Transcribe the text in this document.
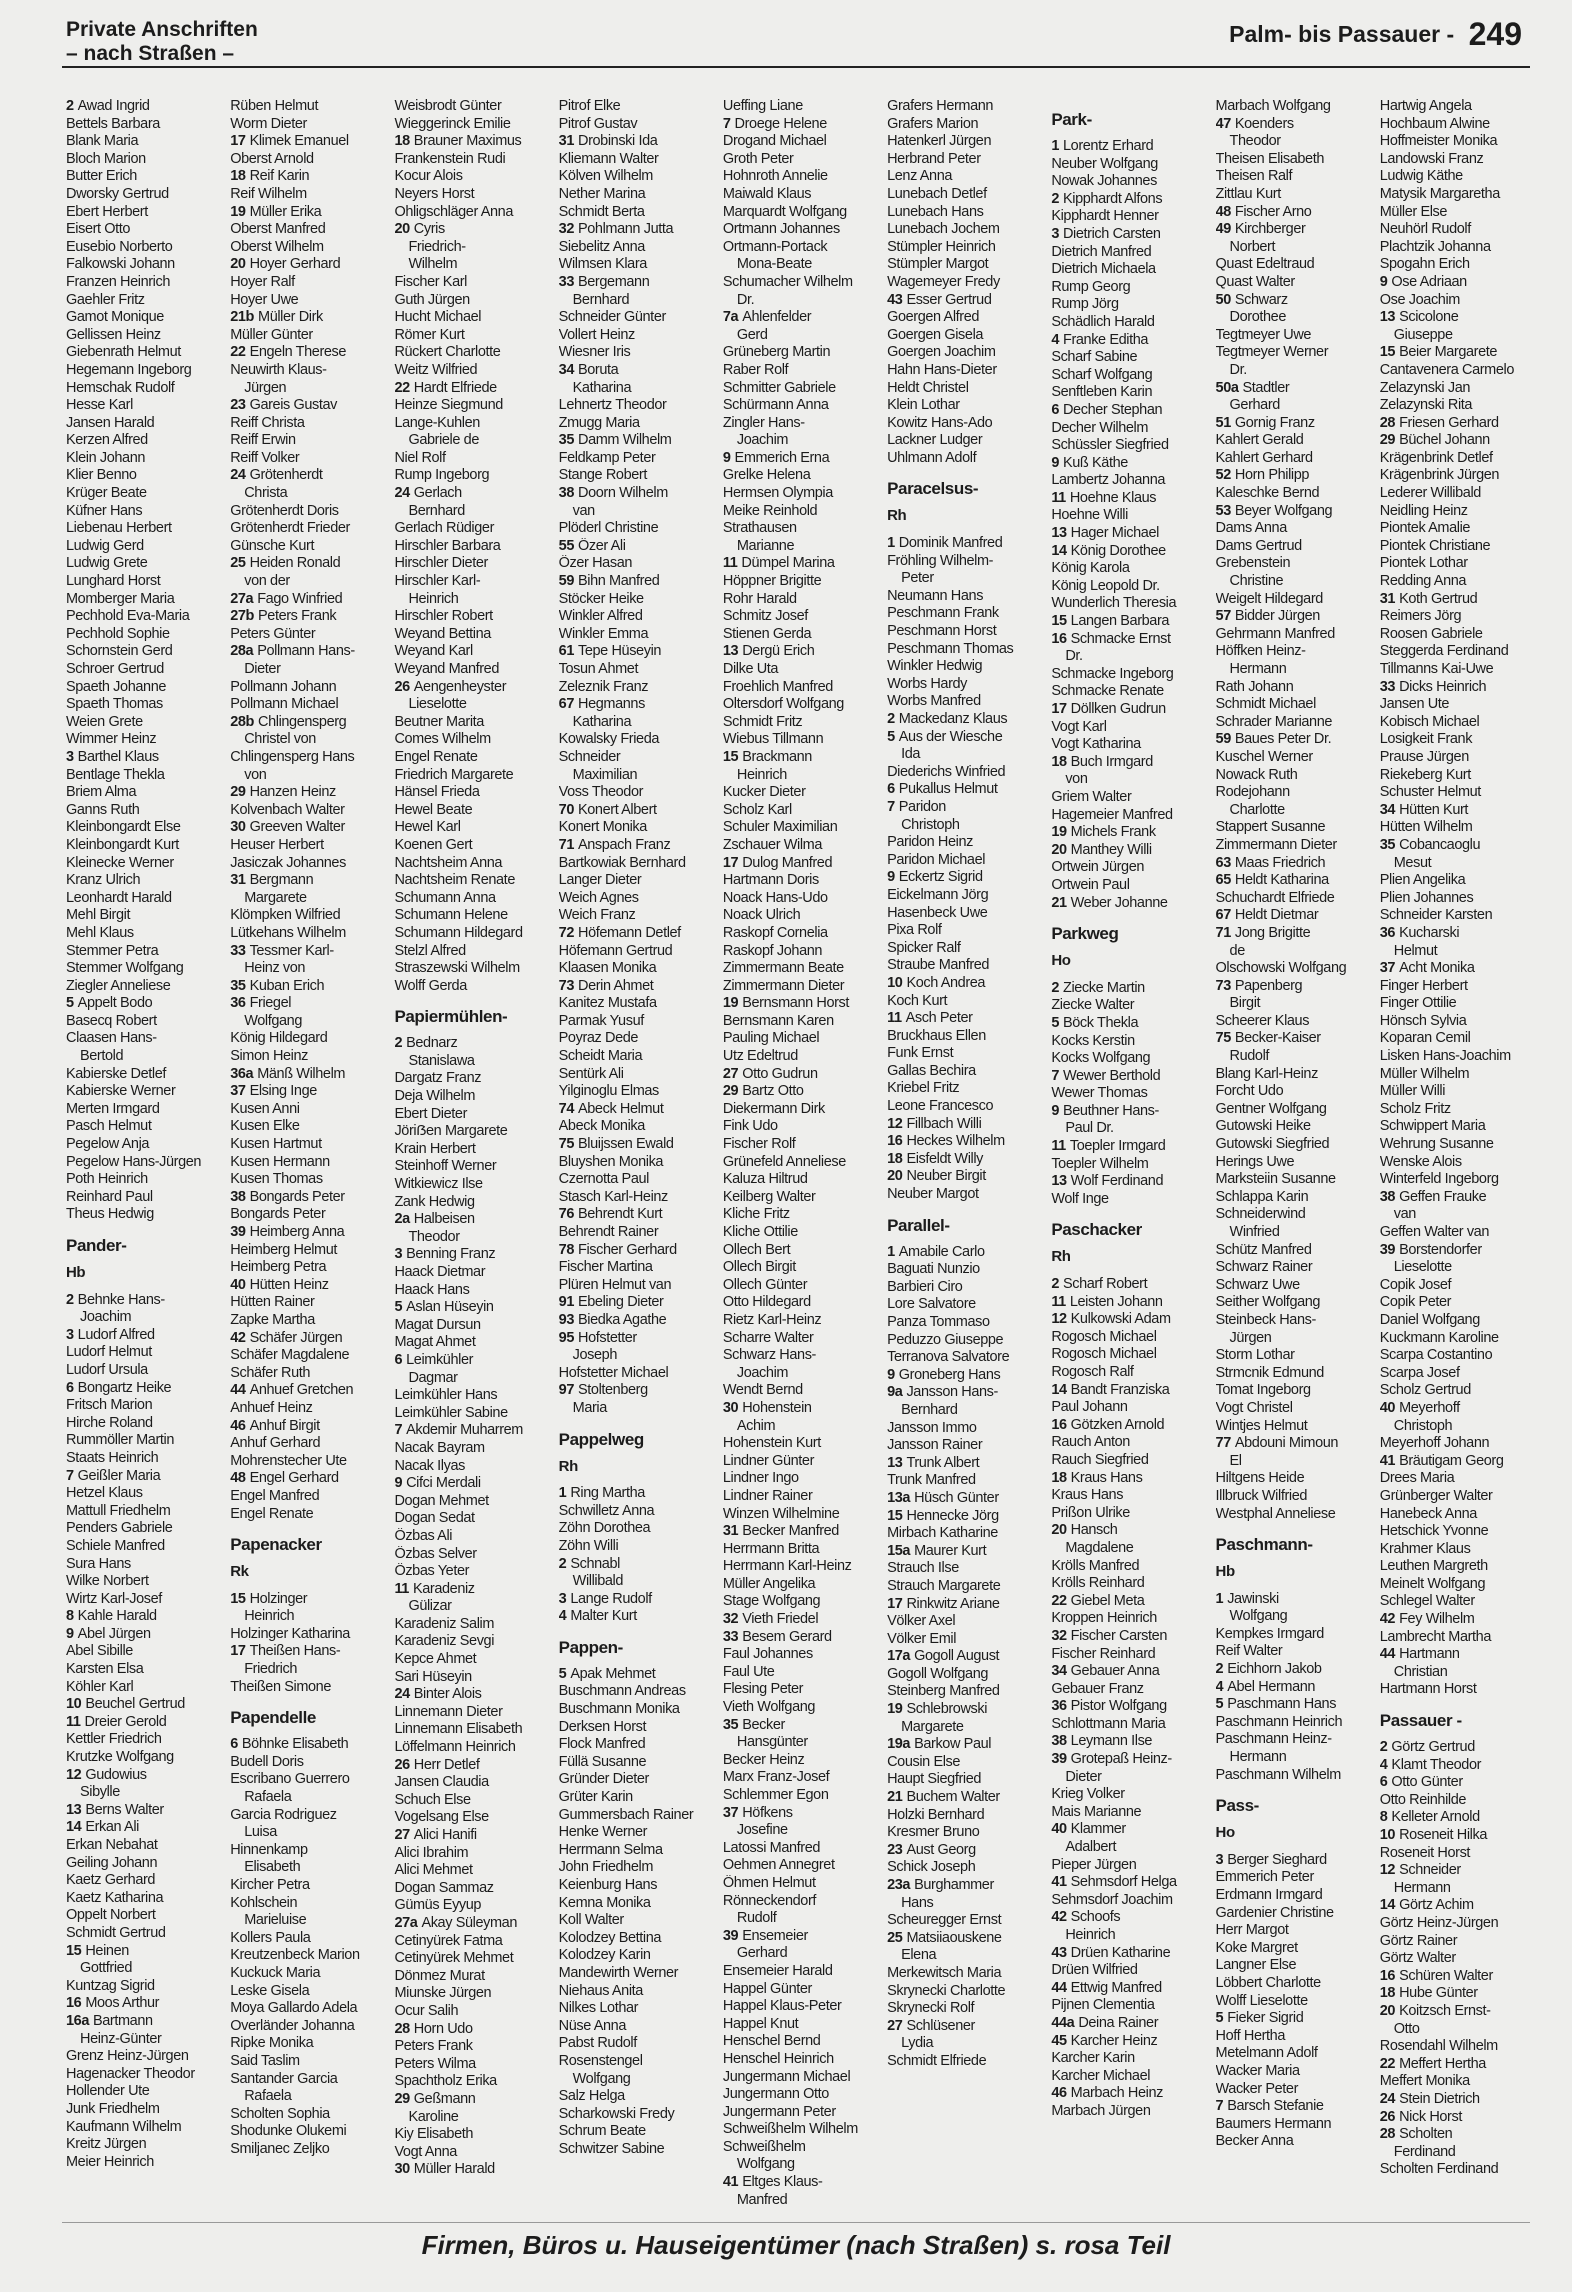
Private Anschriften
– nach Straßen –
Palm- bis Passauer - 249
2 Awad Ingrid
Bettels Barbara
Blank Maria
Bloch Marion
Butter Erich
Dworsky Gertrud
Ebert Herbert
Eisert Otto
Eusebio Norberto
Falkowski Johann
Franzen Heinrich
Gaehler Fritz
Gamot Monique
Gellissen Heinz
Giebenrath Helmut
Hegemann Ingeborg
Hemschak Rudolf
Hesse Karl
Jansen Harald
Kerzen Alfred
Klein Johann
Klier Benno
Krüger Beate
Küfner Hans
Liebenau Herbert
Ludwig Gerd
Ludwig Grete
Lunghard Horst
Momberger Maria
Pechhold Eva-Maria
Pechhold Sophie
Schornstein Gerd
Schroer Gertrud
Spaeth Johanne
Spaeth Thomas
Weien Grete
Wimmer Heinz
3 Barthel Klaus
Bentlage Thekla
Briem Alma
Ganns Ruth
Kleinbongardt Else
Kleinbongardt Kurt
Kleinecke Werner
Kranz Ulrich
Leonhardt Harald
Mehl Birgit
Mehl Klaus
Stemmer Petra
Stemmer Wolfgang
Ziegler Anneliese
5 Appelt Bodo
Basecq Robert
Claasen Hans-
Bertold
Kabierske Detlef
Kabierske Werner
Merten Irmgard
Pasch Helmut
Pegelow Anja
Pegelow Hans-Jürgen
Poth Heinrich
Reinhard Paul
Theus Hedwig
Pander-
Hb
2 Behnke Hans-
Joachim
3 Ludorf Alfred
Ludorf Helmut
Ludorf Ursula
6 Bongartz Heike
Fritsch Marion
Hirche Roland
Rummöller Martin
Staats Heinrich
7 Geißler Maria
Hetzel Klaus
Mattull Friedhelm
Penders Gabriele
Schiele Manfred
Sura Hans
Wilke Norbert
Wirtz Karl-Josef
8 Kahle Harald
9 Abel Jürgen
Abel Sibille
Karsten Elsa
Köhler Karl
10 Beuchel Gertrud
11 Dreier Gerold
Kettler Friedrich
Krutzke Wolfgang
12 Gudowius
Sibylle
13 Berns Walter
14 Erkan Ali
Erkan Nebahat
Geiling Johann
Kaetz Gerhard
Kaetz Katharina
Oppelt Norbert
Schmidt Gertrud
15 Heinen
Gottfried
Kuntzag Sigrid
16 Moos Arthur
16a Bartmann
Heinz-Günter
Grenz Heinz-Jürgen
Hagenacker Theodor
Hollender Ute
Junk Friedhelm
Kaufmann Wilhelm
Kreitz Jürgen
Meier Heinrich
Rüben Helmut
Worm Dieter
17 Klimek Emanuel
Oberst Arnold
18 Reif Karin
Reif Wilhelm
19 Müller Erika
Oberst Manfred
Oberst Wilhelm
20 Hoyer Gerhard
Hoyer Ralf
Hoyer Uwe
21b Müller Dirk
Müller Günter
22 Engeln Therese
Neuwirth Klaus-
Jürgen
23 Gareis Gustav
Reiff Christa
Reiff Erwin
Reiff Volker
24 Grötenherdt
Christa
Grötenherdt Doris
Grötenherdt Frieder
Günsche Kurt
25 Heiden Ronald
von der
27a Fago Winfried
27b Peters Frank
Peters Günter
28a Pollmann Hans-
Dieter
Pollmann Johann
Pollmann Michael
28b Chlingensperg
Christel von
Chlingensperg Hans
von
29 Hanzen Heinz
Kolvenbach Walter
30 Greeven Walter
Heuser Herbert
Jasiczak Johannes
31 Bergmann
Margarete
Klömpken Wilfried
Lütkehans Wilhelm
33 Tessmer Karl-
Heinz von
35 Kuban Erich
36 Friegel
Wolfgang
König Hildegard
Simon Heinz
36a Mänß Wilhelm
37 Elsing Inge
Kusen Anni
Kusen Elke
Kusen Hartmut
Kusen Hermann
Kusen Thomas
38 Bongards Peter
Bongards Peter
39 Heimberg Anna
Heimberg Helmut
Heimberg Petra
40 Hütten Heinz
Hütten Rainer
Zapke Martha
42 Schäfer Jürgen
Schäfer Magdalene
Schäfer Ruth
44 Anhuef Gretchen
Anhuef Heinz
46 Anhuf Birgit
Anhuf Gerhard
Mohrenstecher Ute
48 Engel Gerhard
Engel Manfred
Engel Renate
Papenacker
Rk
15 Holzinger
Heinrich
Holzinger Katharina
17 Theißen Hans-
Friedrich
Theißen Simone
Papendelle
6 Böhnke Elisabeth
Budell Doris
Escribano Guerrero
Rafaela
Garcia Rodriguez
Luisa
Hinnenkamp
Elisabeth
Kircher Petra
Kohlschein
Marieluise
Kollers Paula
Kreutzenbeck Marion
Kuckuck Maria
Leske Gisela
Moya Gallardo Adela
Overländer Johanna
Ripke Monika
Said Taslim
Santander Garcia
Rafaela
Scholten Sophia
Shodunke Olukemi
Smiljanec Zeljko
Weisbrodt Günter
Wieggerinck Emilie
18 Brauner Maximus
Frankenstein Rudi
Kocur Alois
Neyers Horst
Ohligschläger Anna
20 Cyris
Friedrich-
Wilhelm
Fischer Karl
Guth Jürgen
Hucht Michael
Römer Kurt
Rückert Charlotte
Weitz Wilfried
22 Hardt Elfriede
Heinze Siegmund
Lange-Kuhlen
Gabriele de
Niel Rolf
Rump Ingeborg
24 Gerlach
Bernhard
Gerlach Rüdiger
Hirschler Barbara
Hirschler Dieter
Hirschler Karl-
Heinrich
Hirschler Robert
Weyand Bettina
Weyand Karl
Weyand Manfred
26 Aengenheyster
Lieselotte
Beutner Marita
Comes Wilhelm
Engel Renate
Friedrich Margarete
Hänsel Frieda
Hewel Beate
Hewel Karl
Koenen Gert
Nachtsheim Anna
Nachtsheim Renate
Schumann Anna
Schumann Helene
Schumann Hildegard
Stelzl Alfred
Straszewski Wilhelm
Wolff Gerda
Papiermühlen-
2 Bednarz
Stanislawa
Dargatz Franz
Deja Wilhelm
Ebert Dieter
Jöriẞen Margarete
Krain Herbert
Steinhoff Werner
Witkiewicz Ilse
Zank Hedwig
2a Halbeisen
Theodor
3 Benning Franz
Haack Dietmar
Haack Hans
5 Aslan Hüseyin
Magat Dursun
Magat Ahmet
6 Leimkühler
Dagmar
Leimkühler Hans
Leimkühler Sabine
7 Akdemir Muharrem
Nacak Bayram
Nacak Ilyas
9 Cifci Merdali
Dogan Mehmet
Dogan Sedat
Özbas Ali
Özbas Selver
Özbas Yeter
11 Karadeniz
Gülizar
Karadeniz Salim
Karadeniz Sevgi
Kepce Ahmet
Sari Hüseyin
24 Binter Alois
Linnemann Dieter
Linnemann Elisabeth
Löffelmann Heinrich
26 Herr Detlef
Jansen Claudia
Schuch Else
Vogelsang Else
27 Alici Hanifi
Alici Ibrahim
Alici Mehmet
Dogan Sammaz
Gümüs Eyyup
27a Akay Süleyman
Cetinyürek Fatma
Cetinyürek Mehmet
Dönmez Murat
Miunske Jürgen
Ocur Salih
28 Horn Udo
Peters Frank
Peters Wilma
Spachtholz Erika
29 Geßmann
Karoline
Kiy Elisabeth
Vogt Anna
30 Müller Harald
Pitrof Elke
Pitrof Gustav
31 Drobinski Ida
Kliemann Walter
Kölven Wilhelm
Nether Marina
Schmidt Berta
32 Pohlmann Jutta
Siebelitz Anna
Wilmsen Klara
33 Bergemann
Bernhard
Schneider Günter
Vollert Heinz
Wiesner Iris
34 Boruta
Katharina
Lehnertz Theodor
Zmugg Maria
35 Damm Wilhelm
Feldkamp Peter
Stange Robert
38 Doorn Wilhelm
van
Plöderl Christine
55 Özer Ali
Özer Hasan
59 Bihn Manfred
Stöcker Heike
Winkler Alfred
Winkler Emma
61 Tepe Hüseyin
Tosun Ahmet
Zeleznik Franz
67 Hegmanns
Katharina
Kowalsky Frieda
Schneider
Maximilian
Voss Theodor
70 Konert Albert
Konert Monika
71 Anspach Franz
Bartkowiak Bernhard
Langer Dieter
Weich Agnes
Weich Franz
72 Höfemann Detlef
Höfemann Gertrud
Klaasen Monika
73 Derin Ahmet
Kanitez Mustafa
Parmak Yusuf
Poyraz Dede
Scheidt Maria
Sentürk Ali
Yilginoglu Elmas
74 Abeck Helmut
Abeck Monika
75 Bluijssen Ewald
Bluyshen Monika
Czernotta Paul
Stasch Karl-Heinz
76 Behrendt Kurt
Behrendt Rainer
78 Fischer Gerhard
Fischer Martina
Plüren Helmut van
91 Ebeling Dieter
93 Biedka Agathe
95 Hofstetter
Joseph
Hofstetter Michael
97 Stoltenberg
Maria
Pappelweg
Rh
1 Ring Martha
Schwilletz Anna
Zöhn Dorothea
Zöhn Willi
2 Schnabl
Willibald
3 Lange Rudolf
4 Malter Kurt
Pappen-
5 Apak Mehmet
Buschmann Andreas
Buschmann Monika
Derksen Horst
Flock Manfred
Füllä Susanne
Gründer Dieter
Grüter Karin
Gummersbach Rainer
Henke Werner
Herrmann Selma
John Friedhelm
Keienburg Hans
Kemna Monika
Koll Walter
Kolodzey Bettina
Kolodzey Karin
Mandewirth Werner
Niehaus Anita
Nilkes Lothar
Nüse Anna
Pabst Rudolf
Rosenstengel
Wolfgang
Salz Helga
Scharkowski Fredy
Schrum Beate
Schwitzer Sabine
Ueffing Liane
7 Droege Helene
Drogand Michael
Groth Peter
Hohnroth Annelie
Maiwald Klaus
Marquardt Wolfgang
Ortmann Johannes
Ortmann-Portack
Mona-Beate
Schumacher Wilhelm
Dr.
7a Ahlenfelder
Gerd
Grüneberg Martin
Raber Rolf
Schmitter Gabriele
Schürmann Anna
Zingler Hans-
Joachim
9 Emmerich Erna
Grelke Helena
Hermsen Olympia
Meike Reinhold
Strathausen
Marianne
11 Dümpel Marina
Höppner Brigitte
Rohr Harald
Schmitz Josef
Stienen Gerda
13 Dergü Erich
Dilke Uta
Froehlich Manfred
Oltersdorf Wolfgang
Schmidt Fritz
Wiebus Tillmann
15 Brackmann
Heinrich
Kucker Dieter
Scholz Karl
Schuler Maximilian
Zschauer Wilma
17 Dulog Manfred
Hartmann Doris
Noack Hans-Udo
Noack Ulrich
Raskopf Cornelia
Raskopf Johann
Zimmermann Beate
Zimmermann Dieter
19 Bernsmann Horst
Bernsmann Karen
Pauling Michael
Utz Edeltrud
27 Otto Gudrun
29 Bartz Otto
Diekermann Dirk
Fink Udo
Fischer Rolf
Grünefeld Anneliese
Kaluza Hiltrud
Keilberg Walter
Kliche Fritz
Kliche Ottilie
Ollech Bert
Ollech Birgit
Ollech Günter
Otto Hildegard
Rietz Karl-Heinz
Scharre Walter
Schwarz Hans-
Joachim
Wendt Bernd
30 Hohenstein
Achim
Hohenstein Kurt
Lindner Günter
Lindner Ingo
Lindner Rainer
Winzen Wilhelmine
31 Becker Manfred
Herrmann Britta
Herrmann Karl-Heinz
Müller Angelika
Stage Wolfgang
32 Vieth Friedel
33 Besem Gerard
Faul Johannes
Faul Ute
Flesing Peter
Vieth Wolfgang
35 Becker
Hansgünter
Becker Heinz
Marx Franz-Josef
Schlemmer Egon
37 Höfkens
Josefine
Latossi Manfred
Oehmen Annegret
Öhmen Helmut
Rönneckendorf
Rudolf
39 Ensemeier
Gerhard
Ensemeier Harald
Happel Günter
Happel Klaus-Peter
Happel Knut
Henschel Bernd
Henschel Heinrich
Jungermann Michael
Jungermann Otto
Jungermann Peter
Schweißhelm Wilhelm
Schweißhelm
Wolfgang
41 Eltges Klaus-
Manfred
Grafers Hermann
Grafers Marion
Hatenkerl Jürgen
Herbrand Peter
Lenz Anna
Lunebach Detlef
Lunebach Hans
Lunebach Jochem
Stümpler Heinrich
Stümpler Margot
Wagemeyer Fredy
43 Esser Gertrud
Goergen Alfred
Goergen Gisela
Goergen Joachim
Hahn Hans-Dieter
Heldt Christel
Klein Lothar
Kowitz Hans-Ado
Lackner Ludger
Uhlmann Adolf
Paracelsus-
Rh
1 Dominik Manfred
Fröhling Wilhelm-
Peter
Neumann Hans
Peschmann Frank
Peschmann Horst
Peschmann Thomas
Winkler Hedwig
Worbs Hardy
Worbs Manfred
2 Mackedanz Klaus
5 Aus der Wiesche
Ida
Diederichs Winfried
6 Pukallus Helmut
7 Paridon
Christoph
Paridon Heinz
Paridon Michael
9 Eckertz Sigrid
Eickelmann Jörg
Hasenbeck Uwe
Pixa Rolf
Spicker Ralf
Straube Manfred
10 Koch Andrea
Koch Kurt
11 Asch Peter
Bruckhaus Ellen
Funk Ernst
Gallas Bechira
Kriebel Fritz
Leone Francesco
12 Fillbach Willi
16 Heckes Wilhelm
18 Eisfeldt Willy
20 Neuber Birgit
Neuber Margot
Parallel-
1 Amabile Carlo
Baguati Nunzio
Barbieri Ciro
Lore Salvatore
Panza Tommaso
Peduzzo Giuseppe
Terranova Salvatore
9 Groneberg Hans
9a Jansson Hans-
Bernhard
Jansson Immo
Jansson Rainer
13 Trunk Albert
Trunk Manfred
13a Hüsch Günter
15 Hennecke Jörg
Mirbach Katharine
15a Maurer Kurt
Strauch Ilse
Strauch Margarete
17 Rinkwitz Ariane
Völker Axel
Völker Emil
17a Gogoll August
Gogoll Wolfgang
Steinberg Manfred
19 Schlebrowski
Margarete
19a Barkow Paul
Cousin Else
Haupt Siegfried
21 Buchem Walter
Holzki Bernhard
Kresmer Bruno
23 Aust Georg
Schick Joseph
23a Burghammer
Hans
Scheuregger Ernst
25 Matsiiaouskene
Elena
Merkewitsch Maria
Skrynecki Charlotte
Skrynecki Rolf
27 Schlüsener
Lydia
Schmidt Elfriede
Park-
1 Lorentz Erhard
Neuber Wolfgang
Nowak Johannes
2 Kipphardt Alfons
Kipphardt Henner
3 Dietrich Carsten
Dietrich Manfred
Dietrich Michaela
Rump Georg
Rump Jörg
Schädlich Harald
4 Franke Editha
Scharf Sabine
Scharf Wolfgang
Senftleben Karin
6 Decher Stephan
Decher Wilhelm
Schüssler Siegfried
9 Kuß Käthe
Lambertz Johanna
11 Hoehne Klaus
Hoehne Willi
13 Hager Michael
14 König Dorothee
König Karola
König Leopold Dr.
Wunderlich Theresia
15 Langen Barbara
16 Schmacke Ernst
Dr.
Schmacke Ingeborg
Schmacke Renate
17 Döllken Gudrun
Vogt Karl
Vogt Katharina
18 Buch Irmgard
von
Griem Walter
Hagemeier Manfred
19 Michels Frank
20 Manthey Willi
Ortwein Jürgen
Ortwein Paul
21 Weber Johanne
Parkweg
Ho
2 Ziecke Martin
Ziecke Walter
5 Böck Thekla
Kocks Kerstin
Kocks Wolfgang
7 Wewer Berthold
Wewer Thomas
9 Beuthner Hans-
Paul Dr.
11 Toepler Irmgard
Toepler Wilhelm
13 Wolf Ferdinand
Wolf Inge
Paschacker
Rh
2 Scharf Robert
11 Leisten Johann
12 Kulkowski Adam
Rogosch Michael
Rogosch Michael
Rogosch Ralf
14 Bandt Franziska
Paul Johann
16 Götzken Arnold
Rauch Anton
Rauch Siegfried
18 Kraus Hans
Kraus Hans
Prißon Ulrike
20 Hansch
Magdalene
Krölls Manfred
Krölls Reinhard
22 Giebel Meta
Kroppen Heinrich
32 Fischer Carsten
Fischer Reinhard
34 Gebauer Anna
Gebauer Franz
36 Pistor Wolfgang
Schlottmann Maria
38 Leymann Ilse
39 Grotepaß Heinz-
Dieter
Krieg Volker
Mais Marianne
40 Klammer
Adalbert
Pieper Jürgen
41 Sehmsdorf Helga
Sehmsdorf Joachim
42 Schoofs
Heinrich
43 Drüen Katharine
Drüen Wilfried
44 Ettwig Manfred
Pijnen Clementia
44a Deina Rainer
45 Karcher Heinz
Karcher Karin
Karcher Michael
46 Marbach Heinz
Marbach Jürgen
Marbach Wolfgang
47 Koenders
Theodor
Theisen Elisabeth
Theisen Ralf
Zittlau Kurt
48 Fischer Arno
49 Kirchberger
Norbert
Quast Edeltraud
Quast Walter
50 Schwarz
Dorothee
Tegtmeyer Uwe
Tegtmeyer Werner
Dr.
50a Stadtler
Gerhard
51 Gornig Franz
Kahlert Gerald
Kahlert Gerhard
52 Horn Philipp
Kaleschke Bernd
53 Beyer Wolfgang
Dams Anna
Dams Gertrud
Grebenstein
Christine
Weigelt Hildegard
57 Bidder Jürgen
Gehrmann Manfred
Höffken Heinz-
Hermann
Rath Johann
Schmidt Michael
Schrader Marianne
59 Baues Peter Dr.
Kuschel Werner
Nowack Ruth
Rodejohann
Charlotte
Stappert Susanne
Zimmermann Dieter
63 Maas Friedrich
65 Heldt Katharina
Schuchardt Elfriede
67 Heldt Dietmar
71 Jong Brigitte
de
Olschowski Wolfgang
73 Papenberg
Birgit
Scheerer Klaus
75 Becker-Kaiser
Rudolf
Blang Karl-Heinz
Forcht Udo
Gentner Wolfgang
Gutowski Heike
Gutowski Siegfried
Herings Uwe
Marksteiin Susanne
Schlappa Karin
Schneiderwind
Winfried
Schütz Manfred
Schwarz Rainer
Schwarz Uwe
Seither Wolfgang
Steinbeck Hans-
Jürgen
Storm Lothar
Strmcnik Edmund
Tomat Ingeborg
Vogt Christel
Wintjes Helmut
77 Abdouni Mimoun
El
Hiltgens Heide
Illbruck Wilfried
Westphal Anneliese
Paschmann-
Hb
1 Jawinski
Wolfgang
Kempkes Irmgard
Reif Walter
2 Eichhorn Jakob
4 Abel Hermann
5 Paschmann Hans
Paschmann Heinrich
Paschmann Heinz-
Hermann
Paschmann Wilhelm
Pass-
Ho
3 Berger Sieghard
Emmerich Peter
Erdmann Irmgard
Gardenier Christine
Herr Margot
Koke Margret
Langner Else
Löbbert Charlotte
Wolff Lieselotte
5 Fieker Sigrid
Hoff Hertha
Metelmann Adolf
Wacker Maria
Wacker Peter
7 Barsch Stefanie
Baumers Hermann
Becker Anna
Hartwig Angela
Hochbaum Alwine
Hoffmeister Monika
Landowski Franz
Ludwig Käthe
Matysik Margaretha
Müller Else
Neuhörl Rudolf
Plachtzik Johanna
Spogahn Erich
9 Ose Adriaan
Ose Joachim
13 Scicolone
Giuseppe
15 Beier Margarete
Cantavenera Carmelo
Zelazynski Jan
Zelazynski Rita
28 Friesen Gerhard
29 Büchel Johann
Krägenbrink Detlef
Krägenbrink Jürgen
Lederer Willibald
Neidling Heinz
Piontek Amalie
Piontek Christiane
Piontek Lothar
Redding Anna
31 Koth Gertrud
Reimers Jörg
Roosen Gabriele
Steggerda Ferdinand
Tillmanns Kai-Uwe
33 Dicks Heinrich
Jansen Ute
Kobisch Michael
Losigkeit Frank
Prause Jürgen
Riekeberg Kurt
Schuster Helmut
34 Hütten Kurt
Hütten Wilhelm
35 Cobancaoglu
Mesut
Plien Angelika
Plien Johannes
Schneider Karsten
36 Kucharski
Helmut
37 Acht Monika
Finger Herbert
Finger Ottilie
Hönsch Sylvia
Koparan Cemil
Lisken Hans-Joachim
Müller Wilhelm
Müller Willi
Scholz Fritz
Schwippert Maria
Wehrung Susanne
Wenske Alois
Winterfeld Ingeborg
38 Geffen Frauke
van
Geffen Walter van
39 Borstendorfer
Lieselotte
Copik Josef
Copik Peter
Daniel Wolfgang
Kuckmann Karoline
Scarpa Costantino
Scarpa Josef
Scholz Gertrud
40 Meyerhoff
Christoph
Meyerhoff Johann
41 Bräutigam Georg
Drees Maria
Grünberger Walter
Hanebeck Anna
Hetschick Yvonne
Krahmer Klaus
Leuthen Margreth
Meinelt Wolfgang
Schlegel Walter
42 Fey Wilhelm
Lambrecht Martha
44 Hartmann
Christian
Hartmann Horst
Passauer -
2 Görtz Gertrud
4 Klamt Theodor
6 Otto Günter
Otto Reinhilde
8 Kelleter Arnold
10 Roseneit Hilka
Roseneit Horst
12 Schneider
Hermann
14 Görtz Achim
Görtz Heinz-Jürgen
Görtz Rainer
Görtz Walter
16 Schüren Walter
18 Hube Günter
20 Koitzsch Ernst-
Otto
Rosendahl Wilhelm
22 Meffert Hertha
Meffert Monika
24 Stein Dietrich
26 Nick Horst
28 Scholten
Ferdinand
Scholten Ferdinand
Firmen, Büros u. Hauseigentümer (nach Straßen) s. rosa Teil
